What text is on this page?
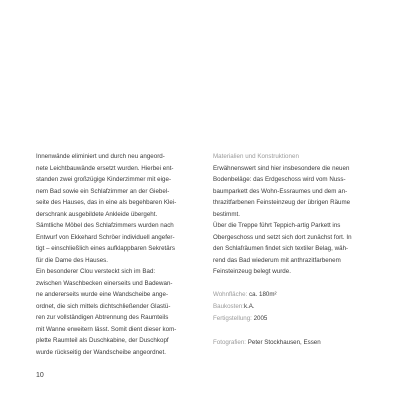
Innenwände eliminiert und durch neu angeord-
nete Leichtbauwände ersetzt wurden. Hierbei ent-
standen zwei großzügige Kinderzimmer mit eige-
nem Bad sowie ein Schlafzimmer an der Giebel-
seite des Hauses, das in eine als begehbaren Klei-
derschrank ausgebildete Ankleide übergeht.
Sämtliche Möbel des Schlafzimmers wurden nach
Entwurf von Ekkehard Schröer individuell angefer-
tigt – einschließlich eines aufklappbaren Sekretärs
für die Dame des Hauses.
Ein besonderer Clou versteckt sich im Bad:
zwischen Waschbecken einerseits und Badewan-
ne andererseits wurde eine Wandscheibe ange-
ordnet, die sich mittels dichtschließender Glastü-
ren zur vollständigen Abtrennung des Raumteils
mit Wanne erweitern lässt. Somit dient dieser kom-
plette Raumteil als Duschkabine, der Duschkopf
wurde rückseitig der Wandscheibe angeordnet.
Materialien und Konstruktionen
Erwähnenswert sind hier insbesondere die neuen
Bodenbeläge: das Erdgeschoss wird vom Nuss-
baumparkett des Wohn-Essraumes und dem an-
thrazitfarbenen Feinsteinzeug der übrigen Räume
bestimmt.
Über die Treppe führt Teppich-artig Parkett ins
Obergeschoss und setzt sich dort zunächst fort. In
den Schlafräumen findet sich textiler Belag, wäh-
rend das Bad wiederum mit anthrazitfarbenem
Feinsteinzeug belegt wurde.
Wohnfläche: ca. 180m²
Baukosten:k.A.
Fertigstellung: 2005
Fotografien: Peter Stockhausen, Essen
10
